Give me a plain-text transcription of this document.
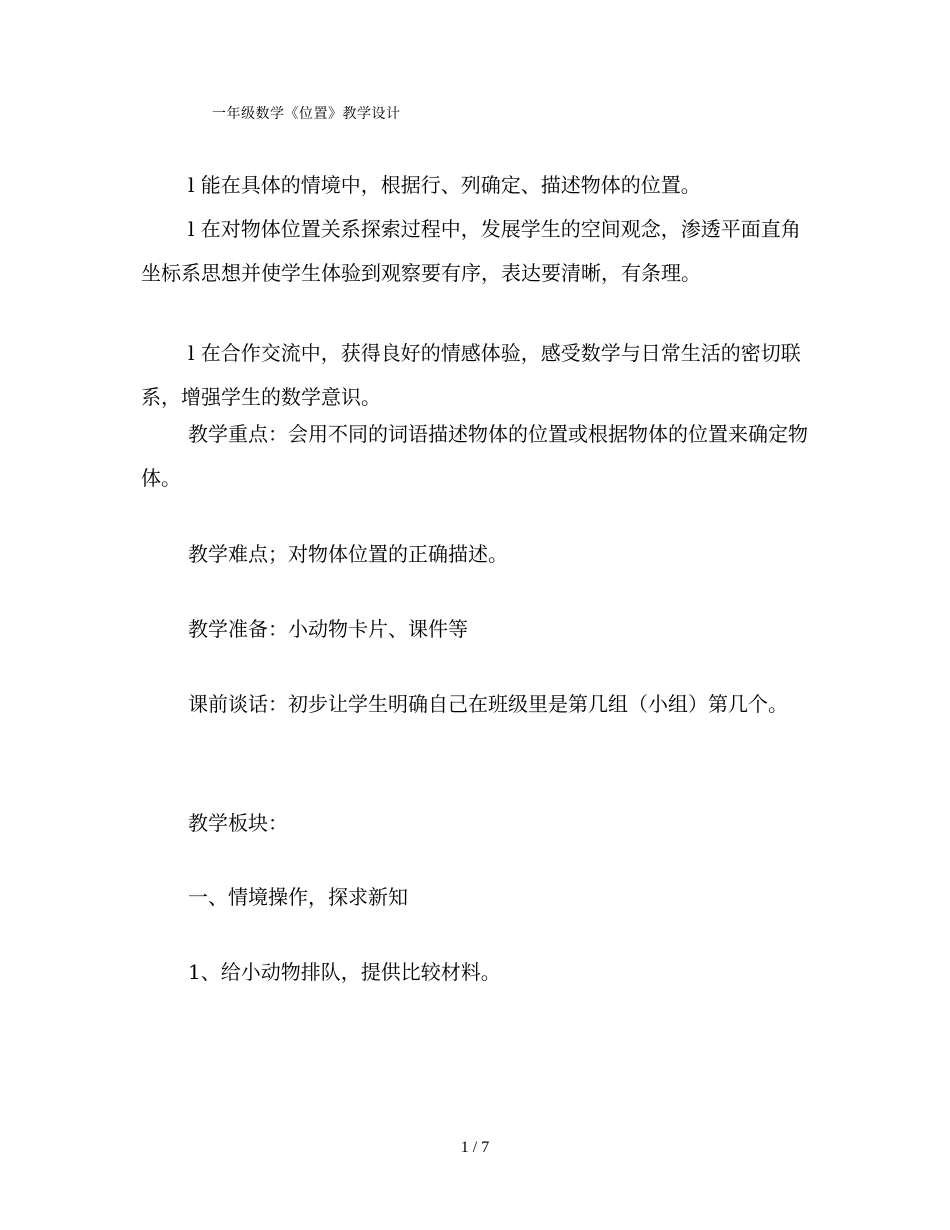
一年级数学《位置》教学设计

l 能在具体的情境中，根据行、列确定、描述物体的位置。

l 在对物体位置关系探索过程中，发展学生的空间观念，渗透平面直角坐标系思想并使学生体验到观察要有序，表达要清晰，有条理。

l 在合作交流中，获得良好的情感体验，感受数学与日常生活的密切联系，增强学生的数学意识。

教学重点：会用不同的词语描述物体的位置或根据物体的位置来确定物体。

教学难点；对物体位置的正确描述。

教学准备：小动物卡片、课件等

课前谈话：初步让学生明确自己在班级里是第几组（小组）第几个。

教学板块：

一、情境操作，探求新知

1、给小动物排队，提供比较材料。

1 / 7
